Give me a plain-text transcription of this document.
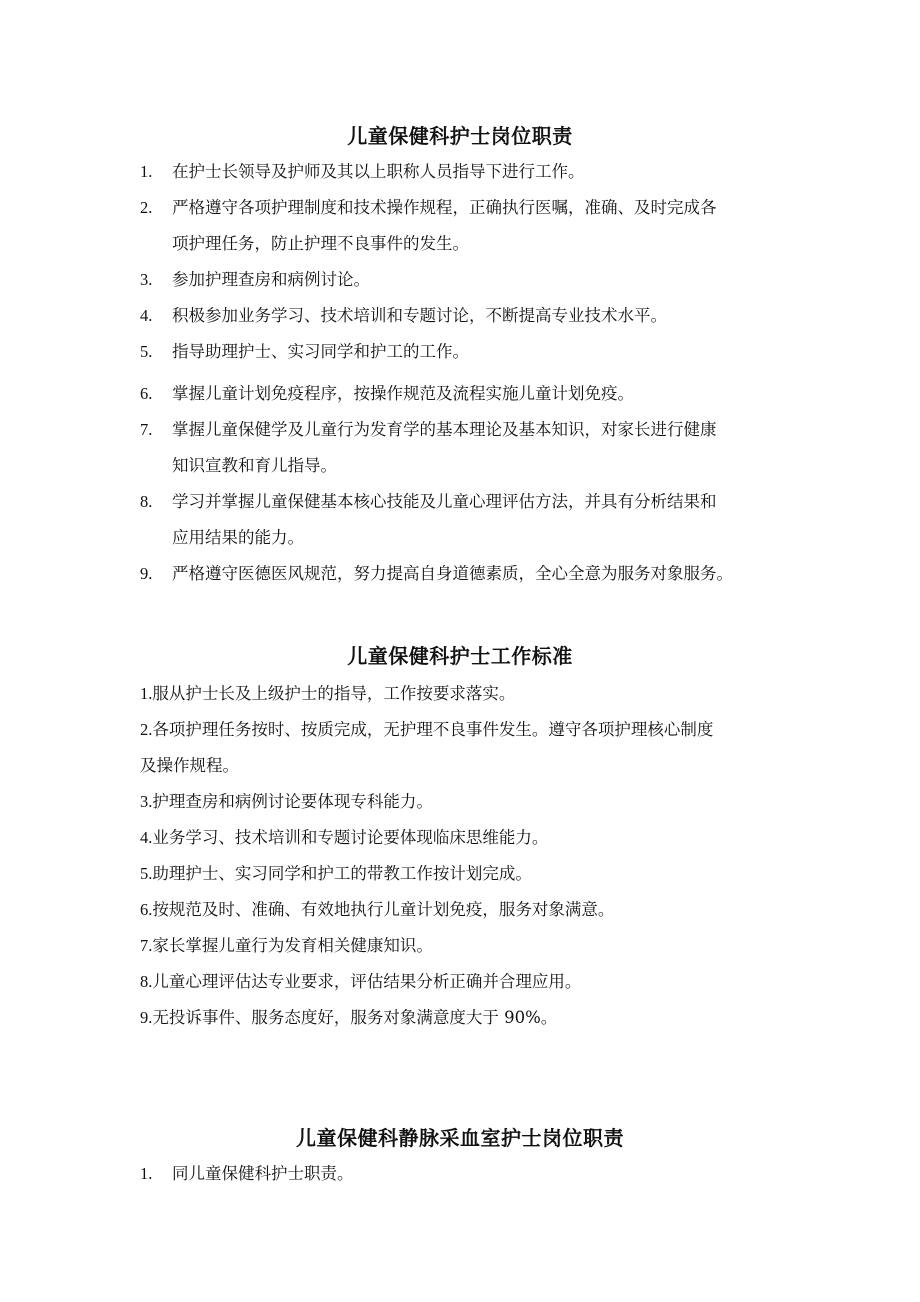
儿童保健科护士岗位职责
1.	在护士长领导及护师及其以上职称人员指导下进行工作。
2.	严格遵守各项护理制度和技术操作规程，正确执行医嘱，准确、及时完成各
项护理任务，防止护理不良事件的发生。
3.	参加护理查房和病例讨论。
4.	积极参加业务学习、技术培训和专题讨论，不断提高专业技术水平。
5.	指导助理护士、实习同学和护工的工作。
6.	掌握儿童计划免疫程序，按操作规范及流程实施儿童计划免疫。
7.	掌握儿童保健学及儿童行为发育学的基本理论及基本知识，对家长进行健康
知识宣教和育儿指导。
8.	学习并掌握儿童保健基本核心技能及儿童心理评估方法，并具有分析结果和
应用结果的能力。
9.	严格遵守医德医风规范，努力提高自身道德素质，全心全意为服务对象服务。
儿童保健科护士工作标准
1.服从护士长及上级护士的指导，工作按要求落实。
2.各项护理任务按时、按质完成，无护理不良事件发生。遵守各项护理核心制度
及操作规程。
3.护理查房和病例讨论要体现专科能力。
4.业务学习、技术培训和专题讨论要体现临床思维能力。
5.助理护士、实习同学和护工的带教工作按计划完成。
6.按规范及时、准确、有效地执行儿童计划免疫，服务对象满意。
7.家长掌握儿童行为发育相关健康知识。
8.儿童心理评估达专业要求，评估结果分析正确并合理应用。
9.无投诉事件、服务态度好，服务对象满意度大于 90%。
儿童保健科静脉采血室护士岗位职责
1.	同儿童保健科护士职责。
